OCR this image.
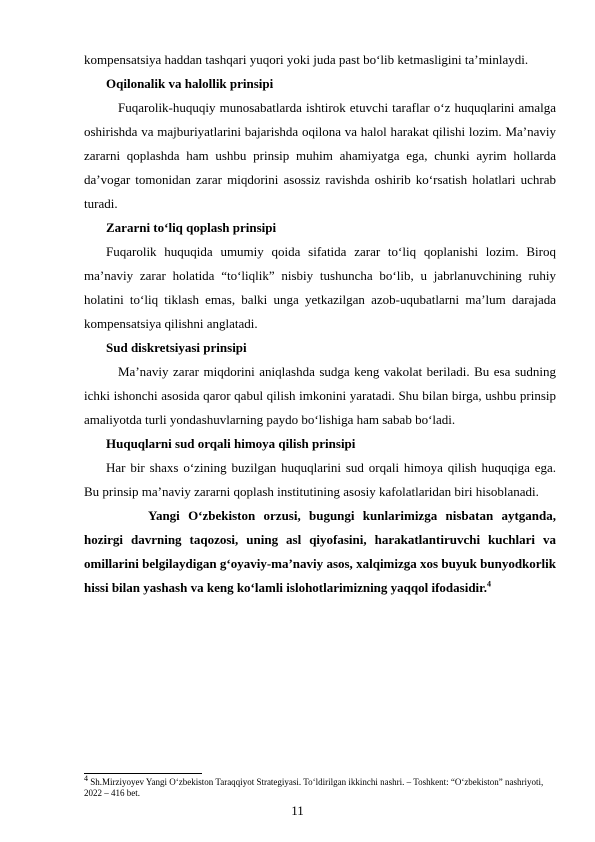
kompensatsiya haddan tashqari yuqori yoki juda past bo‘lib ketmasligini ta’minlaydi.

Oqilonalik va halollik prinsipi

Fuqarolik-huquqiy munosabatlarda ishtirok etuvchi taraflar o‘z huquqlarini amalga oshirishda va majburiyatlarini bajarishda oqilona va halol harakat qilishi lozim. Ma’naviy zararni qoplashda ham ushbu prinsip muhim ahamiyatga ega, chunki ayrim hollarda da’vogar tomonidan zarar miqdorini asossiz ravishda oshirib ko‘rsatish holatlari uchrab turadi.

Zararni to‘liq qoplash prinsipi

Fuqarolik huquqida umumiy qoida sifatida zarar to‘liq qoplanishi lozim. Biroq ma’naviy zarar holatida “to‘liqlik” nisbiy tushuncha bo‘lib, u jabrlanuvchining ruhiy holatini to‘liq tiklash emas, balki unga yetkazilgan azob-uqubatlarni ma’lum darajada kompensatsiya qilishni anglatadi.

Sud diskretsiyasi prinsipi

Ma’naviy zarar miqdorini aniqlashda sudga keng vakolat beriladi. Bu esa sudning ichki ishonchi asosida qaror qabul qilish imkonini yaratadi. Shu bilan birga, ushbu prinsip amaliyotda turli yondashuvlarning paydo bo‘lishiga ham sabab bo‘ladi.

Huquqlarni sud orqali himoya qilish prinsipi

Har bir shaxs o‘zining buzilgan huquqlarini sud orqali himoya qilish huquqiga ega. Bu prinsip ma’naviy zararni qoplash institutining asosiy kafolatlaridan biri hisoblanadi.

Yangi O‘zbekiston orzusi, bugungi kunlarimizga nisbatan aytganda, hozirgi davrning taqozosi, uning asl qiyofasini, harakatlantiruvchi kuchlari va omillarini belgilaydigan g‘oyaviy-ma’naviy asos, xalqimizga xos buyuk bunyodkorlik hissi bilan yashash va keng ko‘lamli islohotlarimizning yaqqol ifodasidir.$^4$

$^4$ Sh.Mirziyoyev Yangi O‘zbekiston Taraqqiyot Strategiyasi. To‘ldirilgan ikkinchi nashri. – Toshkent: “O‘zbekiston” nashriyoti, 2022 – 416 bet.
11
